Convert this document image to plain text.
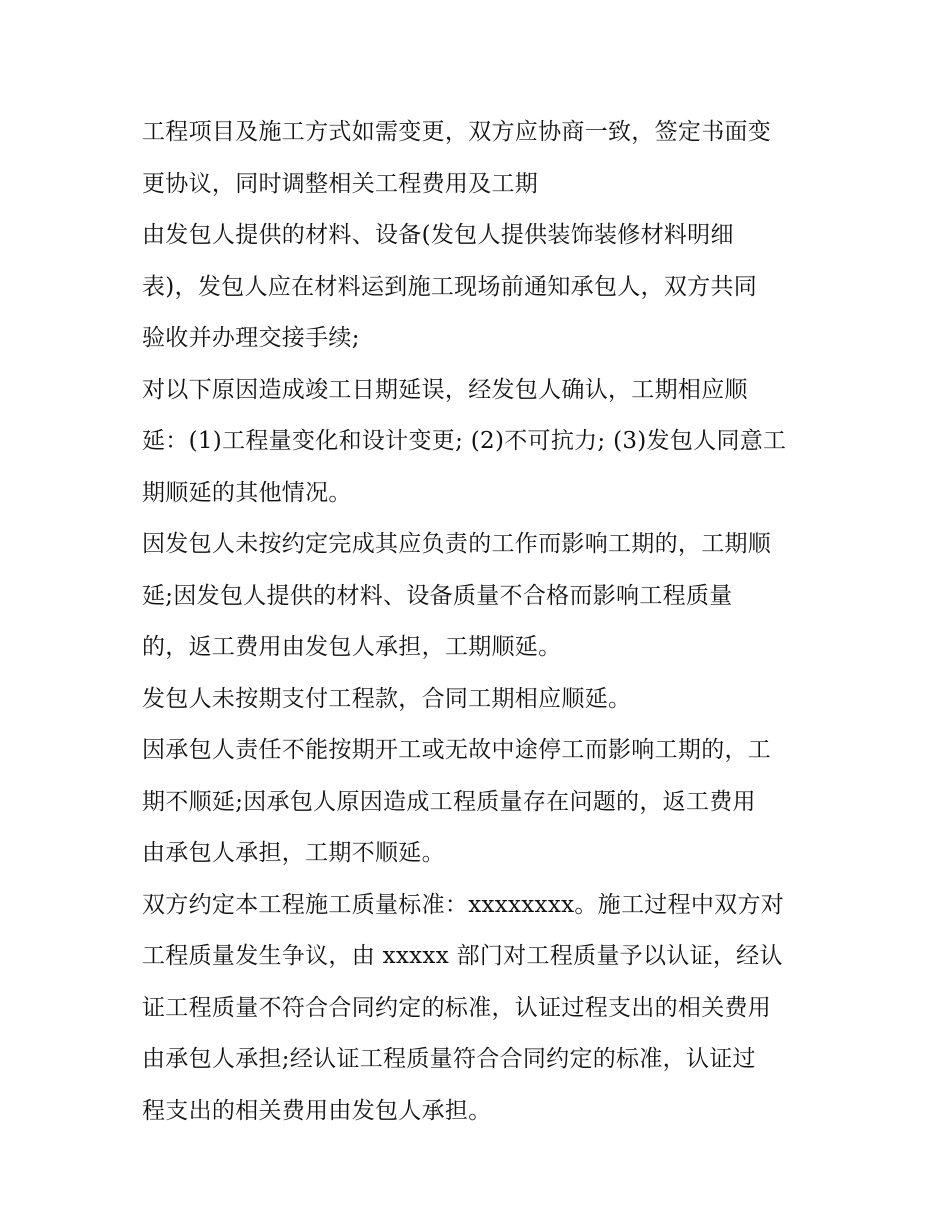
工程项目及施工方式如需变更，双方应协商一致，签定书面变
更协议，同时调整相关工程费用及工期
由发包人提供的材料、设备(发包人提供装饰装修材料明细
表)，发包人应在材料运到施工现场前通知承包人，双方共同
验收并办理交接手续;
对以下原因造成竣工日期延误，经发包人确认，工期相应顺
延：(1)工程量变化和设计变更; (2)不可抗力; (3)发包人同意工
期顺延的其他情况。
因发包人未按约定完成其应负责的工作而影响工期的，工期顺
延;因发包人提供的材料、设备质量不合格而影响工程质量
的，返工费用由发包人承担，工期顺延。
发包人未按期支付工程款，合同工期相应顺延。
因承包人责任不能按期开工或无故中途停工而影响工期的，工
期不顺延;因承包人原因造成工程质量存在问题的，返工费用
由承包人承担，工期不顺延。
双方约定本工程施工质量标准：xxxxxxxx。施工过程中双方对
工程质量发生争议，由 xxxxx 部门对工程质量予以认证，经认
证工程质量不符合合同约定的标准，认证过程支出的相关费用
由承包人承担;经认证工程质量符合合同约定的标准，认证过
程支出的相关费用由发包人承担。
